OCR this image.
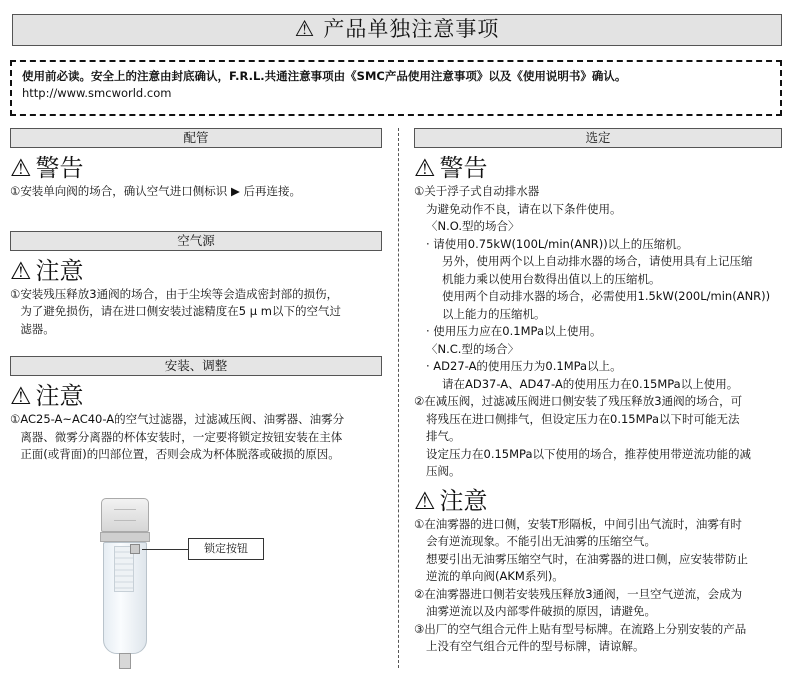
⚠ 产品单独注意事项
使用前必读。安全上的注意由封底确认，F.R.L.共通注意事项由《SMC产品使用注意事项》以及《使用说明书》确认。
http://www.smcworld.com
配管
⚠ 警告
① 安装单向阀的场合，确认空气进口侧标识 ▶ 后再连接。
空气源
⚠ 注意
① 安装残压释放3通阀的场合，由于尘埃等会造成密封部的损伤，
为了避免损伤，请在进口侧安装过滤精度在5 μ m以下的空气过
滤器。
安装、调整
⚠ 注意
① AC25-A~AC40-A的空气过滤器，过滤减压阀、油雾器、油雾分
离器、微雾分离器的杯体安装时，一定要将锁定按钮安装在主体
正面(或背面)的凹部位置，否则会成为杯体脱落或破损的原因。
锁定按钮
选定
⚠ 警告
①关于浮子式自动排水器
为避免动作不良，请在以下条件使用。
〈N.O.型的场合〉
· 请使用0.75kW(100L/min(ANR))以上的压缩机。
另外，使用两个以上自动排水器的场合，请使用具有上记压缩
机能力乘以使用台数得出值以上的压缩机。
使用两个自动排水器的场合，必需使用1.5kW(200L/min(ANR))
以上能力的压缩机。
· 使用压力应在0.1MPa以上使用。
〈N.C.型的场合〉
· AD27-A的使用压力为0.1MPa以上。
请在AD37-A、AD47-A的使用压力在0.15MPa以上使用。
②在减压阀，过滤减压阀进口侧安装了残压释放3通阀的场合，可
将残压在进口侧排气，但设定压力在0.15MPa以下时可能无法
排气。
设定压力在0.15MPa以下使用的场合，推荐使用带逆流功能的减
压阀。
⚠ 注意
①在油雾器的进口侧，安装T形隔板，中间引出气流时，油雾有时
会有逆流现象。不能引出无油雾的压缩空气。
想要引出无油雾压缩空气时，在油雾器的进口侧，应安装带防止
逆流的单向阀(AKM系列)。
②在油雾器进口侧若安装残压释放3通阀，一旦空气逆流，会成为
油雾逆流以及内部零件破损的原因，请避免。
③出厂的空气组合元件上贴有型号标牌。在流路上分别安装的产品
上没有空气组合元件的型号标牌，请谅解。
